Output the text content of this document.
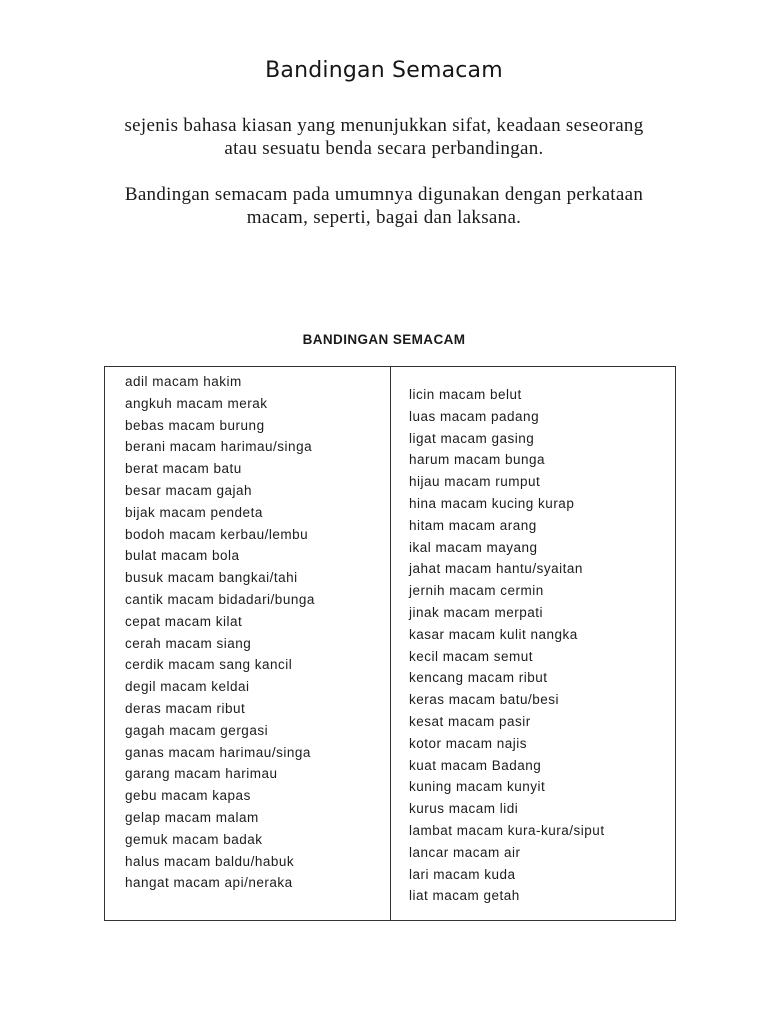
Bandingan Semacam
sejenis bahasa kiasan yang menunjukkan sifat, keadaan seseorang atau sesuatu benda secara perbandingan.
Bandingan semacam pada umumnya digunakan dengan perkataan macam, seperti, bagai dan laksana.
BANDINGAN SEMACAM
adil macam hakim
angkuh macam merak
bebas macam burung
berani macam harimau/singa
berat macam batu
besar macam gajah
bijak macam pendeta
bodoh macam kerbau/lembu
bulat macam bola
busuk macam bangkai/tahi
cantik macam bidadari/bunga
cepat macam kilat
cerah macam siang
cerdik macam sang kancil
degil macam keldai
deras macam ribut
gagah macam gergasi
ganas macam harimau/singa
garang macam harimau
gebu macam kapas
gelap macam malam
gemuk macam badak
halus macam baldu/habuk
hangat macam api/neraka
licin macam belut
luas macam padang
ligat macam gasing
harum macam bunga
hijau macam rumput
hina macam kucing kurap
hitam macam arang
ikal macam mayang
jahat macam hantu/syaitan
jernih macam cermin
jinak macam merpati
kasar macam kulit nangka
kecil macam semut
kencang macam ribut
keras macam batu/besi
kesat macam pasir
kotor macam najis
kuat macam Badang
kuning macam kunyit
kurus macam lidi
lambat macam kura-kura/siput
lancar macam air
lari macam kuda
liat macam getah
